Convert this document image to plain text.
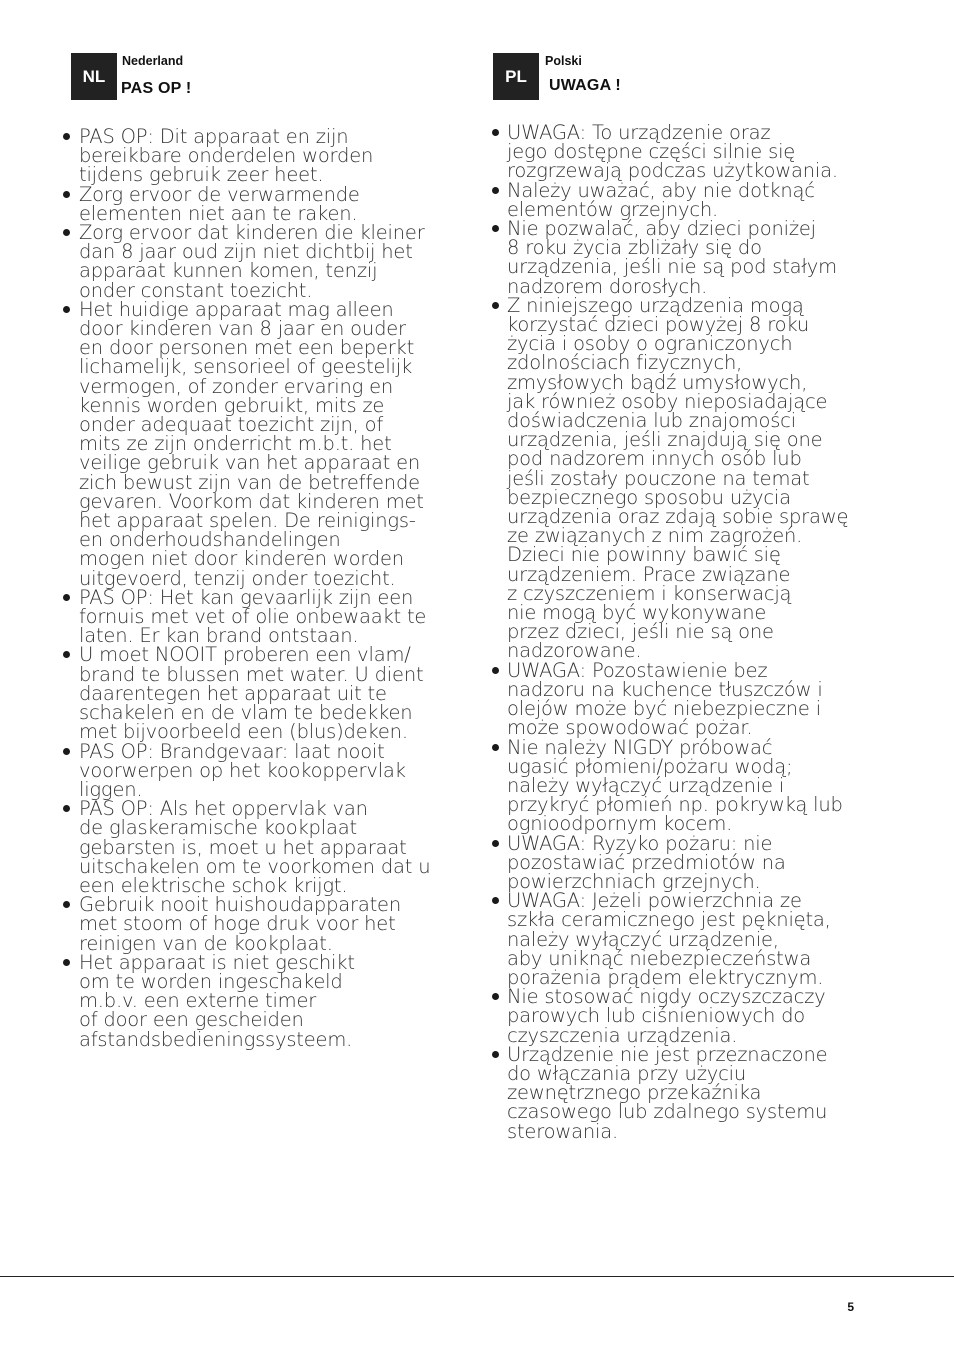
NL
Nederland
PAS OP !
PAS OP: Dit apparaat en zijn
bereikbare onderdelen worden
tijdens gebruik zeer heet.
Zorg ervoor de verwarmende
elementen niet aan te raken.
Zorg ervoor dat kinderen die kleiner
dan 8 jaar oud zijn niet dichtbij het
apparaat kunnen komen, tenzij
onder constant toezicht.
Het huidige apparaat mag alleen
door kinderen van 8 jaar en ouder
en door personen met een beperkt
lichamelijk, sensorieel of geestelijk
vermogen, of zonder ervaring en
kennis worden gebruikt, mits ze
onder adequaat toezicht zijn, of
mits ze zijn onderricht m.b.t. het
veilige gebruik van het apparaat en
zich bewust zijn van de betreffende
gevaren. Voorkom dat kinderen met
het apparaat spelen. De reinigings-
en onderhoudshandelingen
mogen niet door kinderen worden
uitgevoerd, tenzij onder toezicht.
PAS OP: Het kan gevaarlijk zijn een
fornuis met vet of olie onbewaakt te
laten. Er kan brand ontstaan.
U moet NOOIT proberen een vlam/
brand te blussen met water. U dient
daarentegen het apparaat uit te
schakelen en de vlam te bedekken
met bijvoorbeeld een (blus)deken.
PAS OP: Brandgevaar: laat nooit
voorwerpen op het kookoppervlak
liggen.
PAS OP: Als het oppervlak van
de glaskeramische kookplaat
gebarsten is, moet u het apparaat
uitschakelen om te voorkomen dat u
een elektrische schok krijgt.
Gebruik nooit huishoudapparaten
met stoom of hoge druk voor het
reinigen van de kookplaat.
Het apparaat is niet geschikt
om te worden ingeschakeld
m.b.v. een externe timer
of door een gescheiden
afstandsbedieningssysteem.
PL
Polski
UWAGA !
UWAGA: To urządzenie oraz
jego dostępne części silnie się
rozgrzewają podczas użytkowania.
Należy uważać, aby nie dotknąć
elementów grzejnych.
Nie pozwalać, aby dzieci poniżej
8 roku życia zbliżały się do
urządzenia, jeśli nie są pod stałym
nadzorem dorosłych.
Z niniejszego urządzenia mogą
korzystać dzieci powyżej 8 roku
życia i osoby o ograniczonych
zdolnościach fizycznych,
zmysłowych bądź umysłowych,
jak również osoby nieposiadające
doświadczenia lub znajomości
urządzenia, jeśli znajdują się one
pod nadzorem innych osób lub
jeśli zostały pouczone na temat
bezpiecznego sposobu użycia
urządzenia oraz zdają sobie sprawę
ze związanych z nim zagrożeń.
Dzieci nie powinny bawić się
urządzeniem. Prace związane
z czyszczeniem i konserwacją
nie mogą być wykonywane
przez dzieci, jeśli nie są one
nadzorowane.
UWAGA: Pozostawienie bez
nadzoru na kuchence tłuszczów i
olejów może być niebezpieczne i
może spowodować pożar.
Nie należy NIGDY próbować
ugasić płomieni/pożaru wodą;
należy wyłączyć urządzenie i
przykryć płomień np. pokrywką lub
ognioodpornym kocem.
UWAGA: Ryzyko pożaru: nie
pozostawiać przedmiotów na
powierzchniach grzejnych.
UWAGA: Jeżeli powierzchnia ze
szkła ceramicznego jest pęknięta,
należy wyłączyć urządzenie,
aby uniknąć niebezpieczeństwa
porażenia prądem elektrycznym.
Nie stosować nigdy oczyszczaczy
parowych lub ciśnieniowych do
czyszczenia urządzenia.
Urządzenie nie jest przeznaczone
do włączania przy użyciu
zewnętrznego przekaźnika
czasowego lub zdalnego systemu
sterowania.
5
